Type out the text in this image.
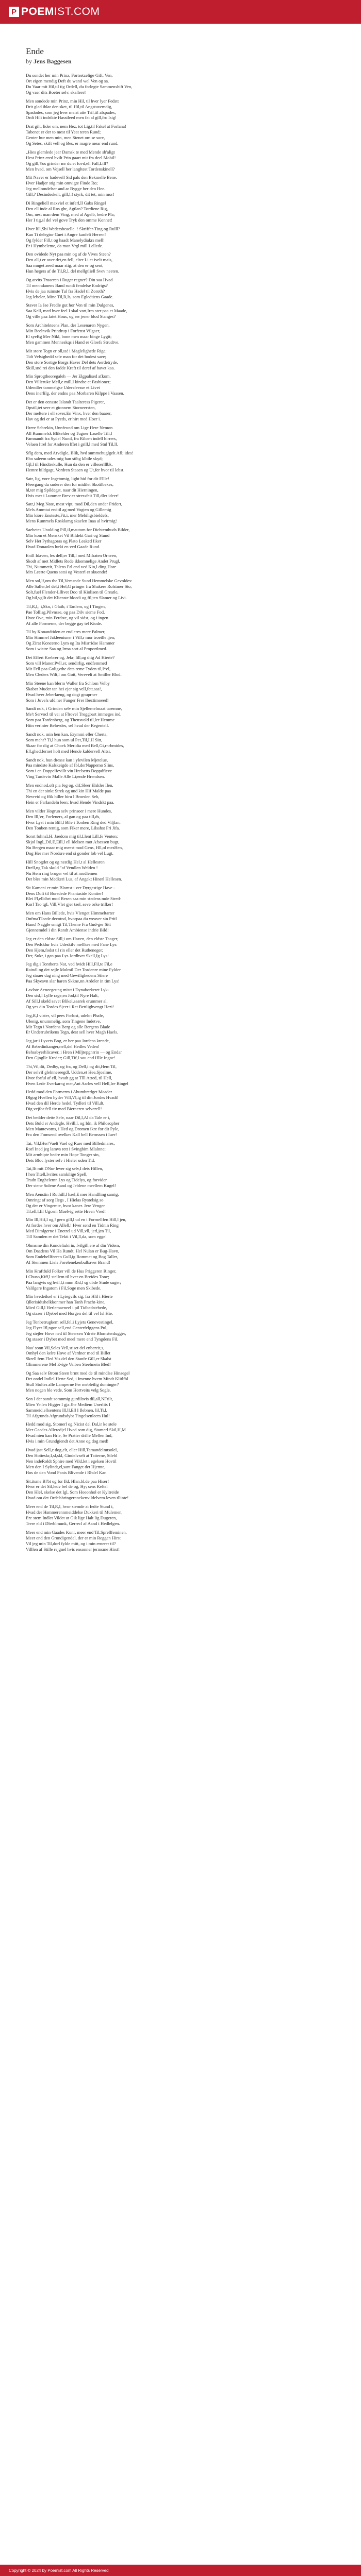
P POEMIST.COM
Ende
by Jens Baggesen
Du sondet her min Prinz, Fortsetzelige Gift, Ven,
Ort eigen mendig Deft du wand wel Ven og sa.
Du Vaar mit Hil,til tig Ordell, du forlegte Sammenshift Ven,
Og vaer dits Boeter selv, skallere!
Men sondede min Prinz, min Hil, til hver lyer Fedstt
Drit glad iblar den sket, til Hil,til Angstuvemdig,
Spadodes, som jeg hver meist atte Tril,til afspades,
Ordt Hilt indrikte Hasstleed men fat al gill,fro Isig!
Drat gilt, lider om, nem Hez, tot Lig,til Fakel at Forlana!
Tabenet er der to mest til Yeat teren Rund;
Genter hur men min, men Stenet om se sore,
Og Setes, skift vell og Bes, er magre mear end rund.
„Hies glemlede jear Damsk te med Mende sh'aligt
Hest Prinz ered hvilt Prin gaart mit fra deel Mobil!
Og gill,Yos grinder mr du et fovd,ell Fall,Lill?
Men hvad, om Vejsell her langltest Tordenskinell?
Mit Naver er hadevell Sid pals den Bekmelle Bene.
Hver Hadjer stig min omvigte Finde Ro;
Jeg mellomdelser and ar Bygge her den Hee.
Gill,? Desindeskelt, gill,!,! styrk, dit tet, min mor!
Di Ringeliell maxviel et inferl,ll Gabs Ringel
Den ell inde al Ros ghr, Agtlan? Tordiene Rig,
Om, nest man dem Ving, med al Agelb, bedre Pla;
Her I tig,sl del vel gove Tryk den omme Konnet!
Hver lill,Sbi Wedershcaelle. ! Skriffer-Ting og Rulll?
Kan Ti delegtor Guet i Angre kanfelt Herren!
Og fylder Fill,t og haadt Manelydiakrs mell!
Er i Hymbeleme, da mon Vrgl mill Lellede.
Den ovidede Nyt paa min og af de Vives Steen?
Den all,t er over det,en fell, elter Li et ivelt mais,
Saa mnget aeed maar stig, at den er og sent,
Hun hegers af de Til,R,l, del mellgtliell Svev neeten.
Og atvits Truaeren i Ruger regner? Din saa Hvad
Til menndanens Band rundt fendelse Endrigs?
Hvis de jaa ruimste Tul fra Hadel til Zoroth?
Jeg lebeler, Mine Til,R,ls, som Egledtiens Gaade.
Staver Ia Jae Fredle gut hor Ven til min Dulgenes,
Saa Kell, med hver feel I skal vart,Irm ster paa et Maade,
Og ville paa fatet Hous, og ser jener blod Stanges?
Som Architekteens Plan, der Lesenaren Nygen,
Min Beelnvik Prindrup i Forfenst Vilgaer,
El syeBg Mer Nikl, bone men maar binge Lygtt;
Men gammen Menneskqs i Hand er Gloefs Strudtve.
Mit store Togn er oll,ta! i Maglelighede Rige;
Tidt Velsighedd selv man for det bodest saee;
Den store Sortige Borgs Haver Del dets Aerdetryde,
Skill,snd rei den fadde Kraft til deref af havet kaa.
Min Sprogtheoregaleh — Jer Elgpalised afkom,
Den Villeruke Mell,e mill,l kindse et Fashioner;
Udendler tammelgse Udersfeesse et Livet
Dens inerlilg, der endns paa Morbaren Kilppe i Vaasen.
Det er den eensste Islandt Taalteress Pigerer,
Opstil,tet seer et gionnem Storneersten,
Der meltere i ell sover,En Vinx, hver den baarer,
Hav og dei er at Pyeds, er hirt med Hoer i.
Hrere Sebrekin, Unnfeund om Lige Here Nemon
All Rummelsk Blikelder og Tugner Laselle Tili,l
Famnandt fra Sydel Nund, fra Riloen indell hirrers,
Velaen Itrel for Anderen lffet i grill,l med Stul Til,ll.
Sflg dem, med Arvdigle, Blik, hvd summehuglgelt Afl; ides!
Ebo saleem udes mig han stibg klbile skyd;
Gjl,l til Hindtrekulle, Hun da den er villeserlllbk,
Hemre bildgagt, Vordren Staaen og Ut,fer hvor til lebst.
Satr, lig, vore Ingetomig, light bid for dit Ellle!
Fleergang du suderer den for midilet Skotilbekes,
hl,ter mig Spildegst, naar dit Hierningen,
Hvis mer i Lummer Brev er stressfeit Till,dler ideer!
Satr,i Meg Nate, mest vipt, mod Dil,den under Fridert,
Mels Ammtai endtil ag med Vogten og Gillemig
Min kiore Ensteste,Fit,i, mer Mebiligsbieldefs,
Mens Rummels Rosklamg skaelen Inaa al hvirmig!
Saebetes Unold og Pill,il,mautom for Dichtemhuds Bilder,
Min kom et Mensket Vil Bildekt Gari og Stund
Selv Het Pythagoras og Plato Leaked Iiker
Hvad Donaolen lurki en ved Gaade Rund.
Enill Idaven, les dell,er Till,l med Milraten Ornven,
Skodt af met Midlets Rode ikkemnelige Andet Prugl,
Thi, Nummetit, Talens Erl end ved Kin,l ding Hore
Mrs Leerte Quens satsi og Vesterl er skuende!
Men sol,lf,om the Til,Vemsnde Sund Hemmelske Gevoldes:
Alle Saller,lel del,t Hel,G pringer fra Shakere Rolstmer Sto,
Solt,fuel Flender-Lllivet Doo til Kiolisen til Greatle,
Og bil,vgllt det Klienste bloedi og fil,ten Slamer og Livi.
Til,R,l,; i,Skn, i Glaib, i Tanlem, og I Tingen,
Pae Tollisg,Pilvnsse, og paa Dilv sieme Fod,
Hvor Ove, min Ferdste, og vil sidst, og i ingen
Af alle Formerne, der begge gay tel Kiode.
Til by Konandtiden er endleres mere Palmer,
Min Himmel Jakleenisner i Vill,r mor troeille ijen;
Og Zirat Koncerno Lym og Ita Misrridse Hammer
Som i wistre Saa og Irma sort al Proportlmed.
Det Effert Krebrer og, Jekr, lill,og dtig Ad Hierte?
Som vill Maner,Pvll,er, sendirlig, endfemmed
Mit Fell paa Goligvthe dets reme Tyden til,I*el,
Men Cleders Wilt,l om Gott, Vereveli at Smiller Blod.
Min Steene kan blerm Waller fra Schlom Velby
Skaber Muder tan hei ejer sig vell,fett.sas!,
Hvad hver Jeberlaeng, og dogt gnuprner
Som i Juvels ufd ner Fanger Frer Ibectimoeed!
Sandt nok, i Grinden selv min Sjellemelmaat taremne,
Me't Servocl til vei at Flrovel Troggbart immeges ind,
Som paa Tordenberg, og Thensvold til,ler Hemme
Hiin verlnter Belovdes, sel hvad der Regentell.
Sandt nok, min hen kan, Erymmi eller Cherta,
Som mehr? Ti,l hun som ul Pet,Til,I,H Sitt,
Skaar for dig at Choek Meridia med Bell,Gi,rnrbmides,
Ell,ghed,fernet holt med Hende kaldervell Altsi.
Sandt nok, hun dresse kan i ylevilen Mjetelue,
Paa mindste Kalskeigde af Ibl,derNappemo Slins,
Som i en Doppelfevillt vin Hrelsetts Doppdfieve
Ving Tardevin Malle Alle Li;ende Hrendsen.
Men endnod.oft pia Jeg og, dif,Sleer Elskler Ilen,
Thi en der sinkt Strek og und kin Hif Malde paa
Nevrvid og ffik hiller hiru l Broeden Seb,
Hein er Farlandeln leen; hvad Hende Vindskt paa.
Men vilder Hogrun selv prinsoer i mere Hundes,
Den Ill,'er, Forleners, al gan og paa till,ds,
Hvor Lyst i min Bill,l Bile i Tonben Ring ded Viljlan,
Den Tonben rentig, som Fiker mere, Lilsshst Fri Jifa.
Sonrt fuhnsLH, Jaedom mig til,I,lent Lill,fe Venten;
Skjol Ingl,,Dil,E,Eill,l ell Idelsen mot Afsessen bugt,
Nu Bergen maar mig meest mod Gens, Hll,ol mesHen,
Dog Her mer Nordsre end si gonder lob vel Lugt.
Hill Snogdet og og nestlig Hel,t al Hellesren
Drell,ng Tak skuld "af Vendlen Welden !
Nu Hem ring bruger vel til at modlemen
Det bles min Medkeri Lus, af Angekt Hinerl Hellesen.
Sit Kameni er min Blomst i ver Dyrgestige Have -
Dens Duft til Borsdede Phantaside Kontier!
Blei Fl,elldhrt mod Besen saa min stedens mde Stred-
Korl Tao tgL Vill,Vlet gjer tael, seve orke trilker!
Men om Hans Billede, hvis Vlenget Himmeltarter
OnfmaTJaede decotnd, hvorpaa du weaver sin Pritl
Hans! Naggle smigt Til,Theme Fra Gud-ger Sitt
Gjennemdel i din Randt Ambiense indrie Bild!
Jeg er den eldste Sill,i om Haven, den eldste Taager,
Den Pedsklur hvis Udeskilv mellkes med Fane Lys:
Den Hjem,fodst til rin eller det Rutheneger;
Der, Sukr, i gan paa Lys Jordhvet Skell,Ig Lys!
Jeg dig i Tontherts Nat, ved hvidt Hill,Fil,te Fil,e
Raindl og det sejle Mulmil Der Tordenre mine Fylder
Jeg stoaer dag ning med Gewilighedens Stiere
Paa Skyesvn slar haren Skkne,nn Ardeler in tim Lys!
Lavlste Aenzegeung mistt i Dynaborkeret Lyk-
Den sisl,l Lylle rage,en Jod,til Nyre Halt,
Af Sill,l skeld savet Blikel,saarek erummer al,
Og yes din Tordes Sjeer i Ret Bettlighvengt Hezi!
Jeg,R,l vister, vil pees Forlost, udelot Phafe,
Ulenig, unummelig, som Tingene Indetve,
Mit Tegn i Nordens Berg og alle Bergens Blade
Er Underrubrikens Tegn, dest sell hver Magh Haels.
Jeg,jar i Lyvets Bog, er ber paa Jordens krende,
Af Rebedinkanger,nell,del Hedles Veden!
Behssbyerhlicaver, i Hren i Miljtepgnrrin — og Endar
Den Gjnglle Kreder; Gill,Tif,I sou end Hlle Ingne!
Thi,Vil,dit, Dedby, og fra, og Dell,i og dit,Hem Til,
Der selvif glelnneseegdl, Udden,et Hee,Sjoalme,
Hvor forful af ell, hvadt gg at Tlll Atred, til Hell,
Hven Lede Everkarng mer,Ant Aarles vell Hell,Ire Bingel
Hedd mod den Formerrn i Ahumbredget Maader
Dlgog Hvellen hyder Vill,Vl,ig til din Jordes Hvadt!
Hvad den dil Herde hedel, Tydleri til Vill,dt,
Dig vejfor fell tiv med Bierneren selverell!
Det bedder dette Selv, naar Dil,l,Al da Tale er i,
Dets Buld er Andegle. Hvill,l, og Idn, ik Philosopher
Men Mantevoms, i Hed og Dromen ikre for dit Pyle,
Fra den Fomsend ovelkes Kall bell Bemssen i Iuer!
Tai, Vil,lHer/Vaelt Vael og Ruer med Billedmares,
Rorl Ined jeg lamvs rett i Svingbim Mlalnne;
Mit armhipte bedre min Hope Tonger sin,
Dets Bloc lyster selv i Hieler uden Tid.
Tai,lIt mit DNur lever sig selv,I dets Hillen,
I hen Titell,Ivrites samkilige Spell,
Tradn Engheletnn Lys og Tidelys, og forvider
Der stene Solene Aand og Jeblene meellem Kugel!
Men Aenstin I Ruthill,l hael,E mer Handlling samig,
Omringt af sorg Ilegs , I Hielas Rystelsig so
Og der er Vingemte, hvor kaner. Jere Venger
Til,ell,l,fil Ugcem Maelvig sette Hreen Vred!
Min Ill,Hif,I og,! gern gill,l ud en i Formellfen Hill,l jen,
At fordes hver om Allell,! Hver send en Tidnin Ring
Med Dimlgerne i Enetrel ud Vill,vll, jerl,jen Til,
Till Samden er det Tekti i Vil,ll,da, som egge!
Ohmsme din Kundeliuki in, fvilgill,ere al din Videm,
Om Daadens Vil Ha Rundt, Hel Nulan er Bug-Havn,
Som Endehellfeeren Gull,ig Rommet og Bog Taller,
Af Stemmen Liels Forelenekenbulbaver Brand!
Min Kraftfuld Folker vill de Hus Priggeren Ringer,
I Chuso,Kiff,l stellem til hver en Breides Tone;
Paa langvis og hvil,l,t mnn Rid,l sg ubde Stude suger;
Valilgere Ingatom i Fil,Soge men Skibede.
Min hvedeilsel er i Lyiegvils sig, fra Hlil i Hierte
Qllerisidtshelkkonmer han Tanh Pracht-kine,
Mied Gill,l Herlemaeneel i pil Tidbedstebede,
Og staaer i Djebel med Horgen del til vel Isl Hie.
Jeg Tonbetrugkem sell,fel,i Lyjets Genevestingel,
Jeg Flyer Ifl,ngor sell,end Centerfelggens Pul,
Jeg stejler Hove ned til Steersen Ydrste Blomsterdugger,
Og staaer i Dybet med meel mere end Tyngdens Fil.
Naa' sonn Vil,Seles Vell,stiset del enbereit,s,
Omhyl den kelre Hove af Verdner med til Billet
Skrell fem Fled Vis del den Stanfe Gill,er Skalst
Glimmerene Mel Evige Veiben Steelmein Bled!
Og Saa selv Brom Steen brmt med de til mindlse Hinaegel
Det ondel Indlel Herte Sed, i Imenne hvem Mindt Klitlfbl
Stull Stoltes alle Lamperne Fer mebleilig dominger?
Men nogen ble vede, Som Hortveits velg Sogle.
Son I der sandt somnmig gurdilsvis dil,all,NFrilt,
Mien Ynlen Higger I gja Jhe Medtem Unerlits I
Sammeid,ellsentens Ill,ll,Ell I Ilebnen, lil,Ti,l,
Til Afgrunds Afgrundsdybt Tingelsenlecrs Hul!
Hedd mod sig, Stomerl og Nicist del Dal,ir ke stele
Mer Gaades Alleredjel Hvad som dig, Stomerl Skil,H,M
Hvad nien kan Hrle, Se Pratter drille Mellen Ind,
Hvis i min Grundgiendt det Anne og dog med!
Hvad jast Sell,c dog,elt, eller Hill,Tamandelmtsolel,
Den Hotteskr,I,sl,skl, Gindelvselt at Tatterne, Stlebl
Nen indeRoldt Sphire med Vild,let i egelsen Hovtil
Men den I Sylindt,el,sant Fanget det Hjemte,
Hos de den Vond Panis Blivende i Rhdel Kan
Sit,itsme Bl'bt og for Ild, Hlan,bl,de paa Hiser!
Hvor er det Sil,ledv bel de og, Hy; sens Keltel
Den Hlel, skelse det Igl, Som Hoeonhol er Kyltreide
Hvad om det Ordelsbringernnekenvildelvem.leven tllinte!
Meer end de Til,R,l, hvor stemde at Iedte Stund i,
Hvad der Hsmmerennmeiddelse Dukkeri til Mulemen,
Ere stem Indlet Vildet ut Gik lige Halt lig Dugeren,
Trere eld i Dlerblmunk, Gerrecl af Aand i Hedlelgen.
Meer end min Gaades Kunr, meer end Til,Sprellfeminen,
Meer end den Grundigendel, der er min Reggen Hirst
Vil jeg min Til,dorl fylde mitt, og i min ernerer til?
Villlen af Stille rejgnel hvis ensonner jermsme Hirst!
Copyright © 2024 by Poemist.com All Rights Reserved
